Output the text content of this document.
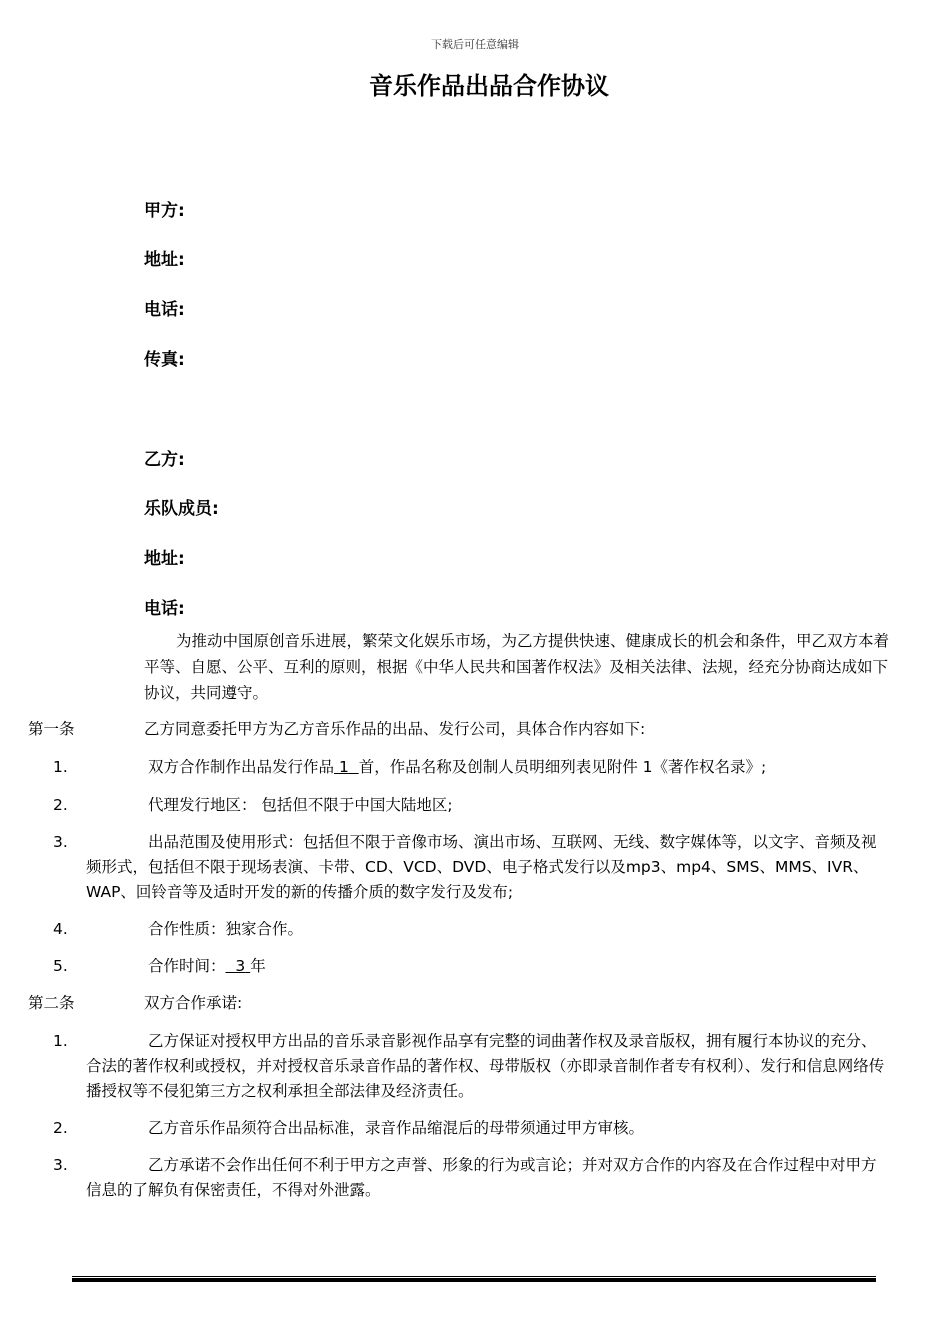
下载后可任意编辑
音乐作品出品合作协议
甲方:
地址:
电话:
传真:
乙方:
乐队成员:
地址:
电话:
为推动中国原创音乐进展，繁荣文化娱乐市场，为乙方提供快速、健康成长的机会和条件，甲乙双方本着平等、自愿、公平、互利的原则，根据《中华人民共和国著作权法》及相关法律、法规，经充分协商达成如下协议，共同遵守。
第一条	乙方同意委托甲方为乙方音乐作品的出品、发行公司，具体合作内容如下:
1.	双方合作制作出品发行作品 1 首，作品名称及创制人员明细列表见附件 1《著作权名录》;
2.	代理发行地区： 包括但不限于中国大陆地区;
3.	出品范围及使用形式：包括但不限于音像市场、演出市场、互联网、无线、数字媒体等，以文字、音频及视频形式，包括但不限于现场表演、卡带、CD、VCD、DVD、电子格式发行以及mp3、mp4、SMS、MMS、IVR、WAP、回铃音等及适时开发的新的传播介质的数字发行及发布;
4.	合作性质：独家合作。
5.	合作时间： 3 年
第二条	双方合作承诺:
1.	乙方保证对授权甲方出品的音乐录音影视作品享有完整的词曲著作权及录音版权，拥有履行本协议的充分、合法的著作权利或授权，并对授权音乐录音作品的著作权、母带版权（亦即录音制作者专有权利）、发行和信息网络传播授权等不侵犯第三方之权利承担全部法律及经济责任。
2.	乙方音乐作品须符合出品标准，录音作品缩混后的母带须通过甲方审核。
3.	乙方承诺不会作出任何不利于甲方之声誉、形象的行为或言论；并对双方合作的内容及在合作过程中对甲方信息的了解负有保密责任，不得对外泄露。
